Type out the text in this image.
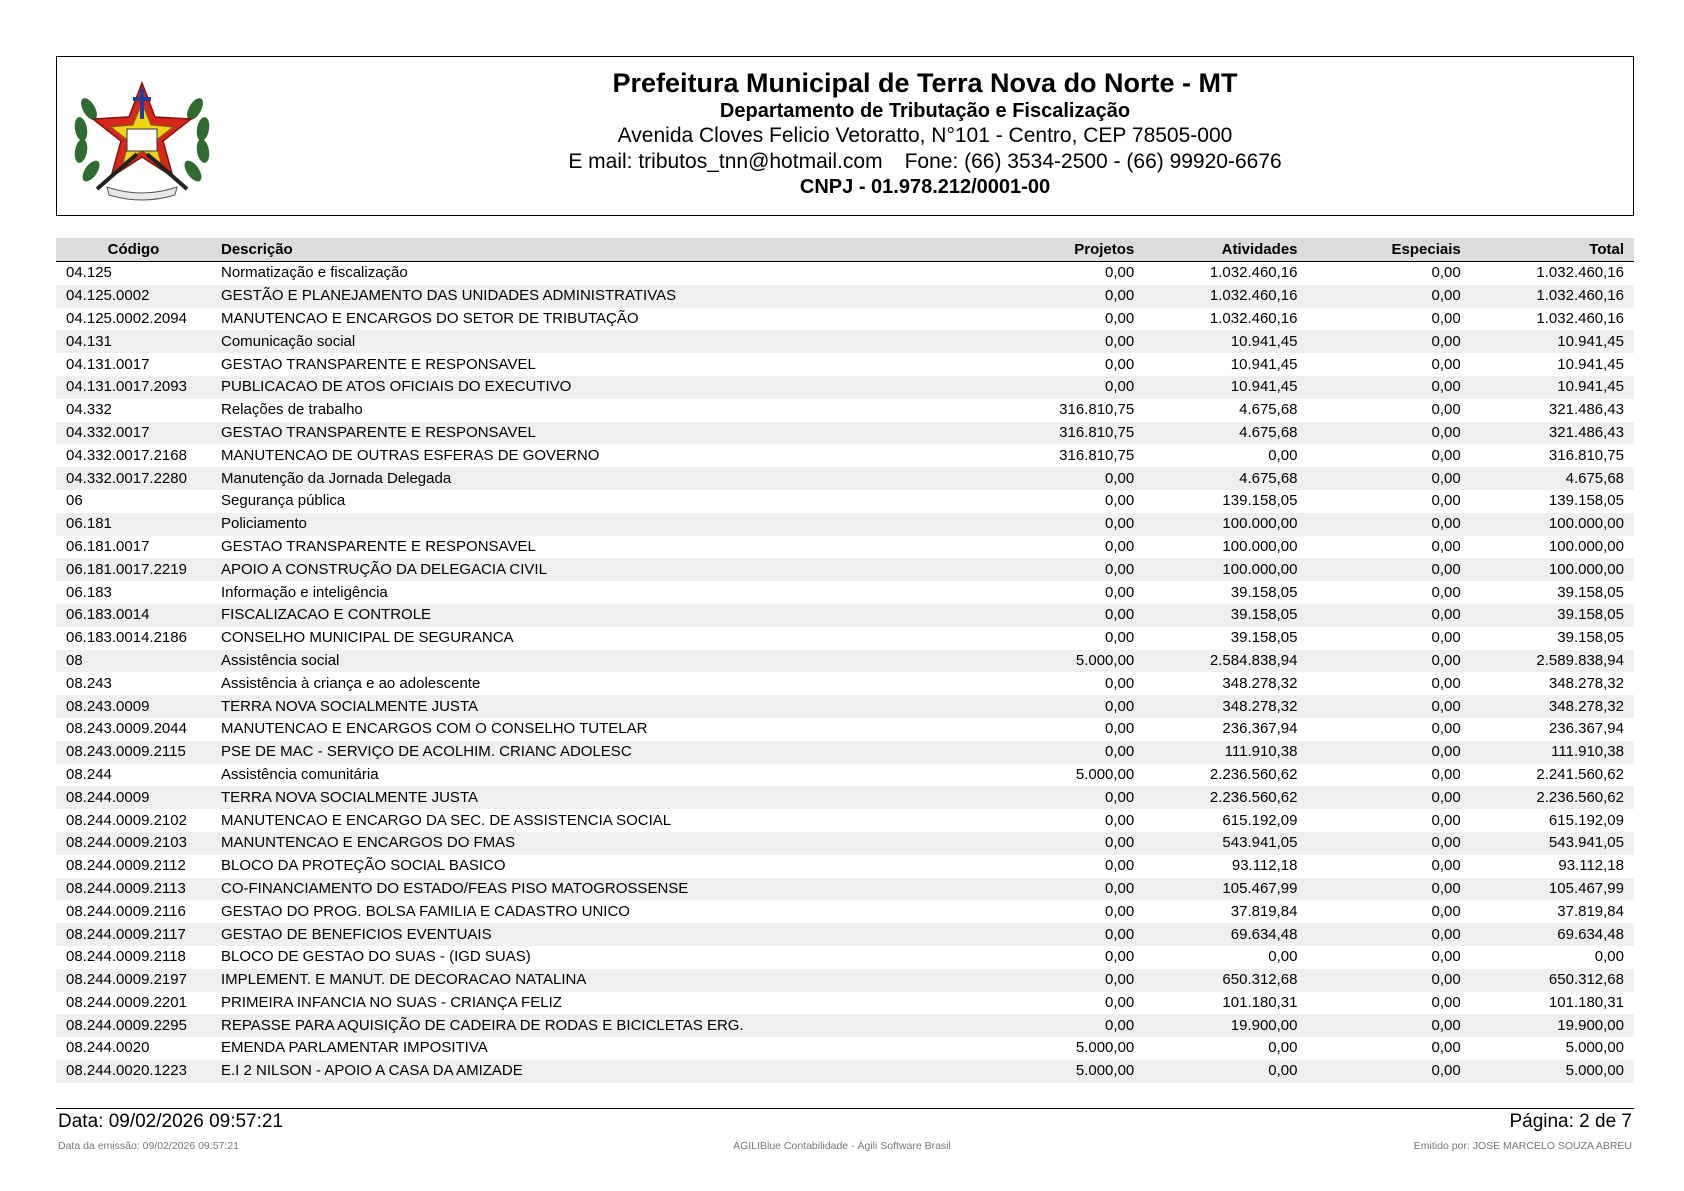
Prefeitura Municipal de Terra Nova do Norte - MT
Departamento de Tributação e Fiscalização
Avenida Cloves Felicio Vetoratto, N°101 - Centro, CEP 78505-000
E mail: tributos_tnn@hotmail.com Fone: (66) 3534-2500 - (66) 99920-6676
CNPJ - 01.978.212/0001-00
Código	Descrição	Projetos	Atividades	Especiais	Total
04.125	Normatização e fiscalização	0,00	1.032.460,16	0,00	1.032.460,16
04.125.0002	GESTÃO E PLANEJAMENTO DAS UNIDADES ADMINISTRATIVAS	0,00	1.032.460,16	0,00	1.032.460,16
04.125.0002.2094	MANUTENCAO E ENCARGOS DO SETOR DE TRIBUTAÇÃO	0,00	1.032.460,16	0,00	1.032.460,16
04.131	Comunicação social	0,00	10.941,45	0,00	10.941,45
04.131.0017	GESTAO TRANSPARENTE E RESPONSAVEL	0,00	10.941,45	0,00	10.941,45
04.131.0017.2093	PUBLICACAO DE ATOS OFICIAIS DO EXECUTIVO	0,00	10.941,45	0,00	10.941,45
04.332	Relações de trabalho	316.810,75	4.675,68	0,00	321.486,43
04.332.0017	GESTAO TRANSPARENTE E RESPONSAVEL	316.810,75	4.675,68	0,00	321.486,43
04.332.0017.2168	MANUTENCAO DE OUTRAS ESFERAS DE GOVERNO	316.810,75	0,00	0,00	316.810,75
04.332.0017.2280	Manutenção da Jornada Delegada	0,00	4.675,68	0,00	4.675,68
06	Segurança pública	0,00	139.158,05	0,00	139.158,05
06.181	Policiamento	0,00	100.000,00	0,00	100.000,00
06.181.0017	GESTAO TRANSPARENTE E RESPONSAVEL	0,00	100.000,00	0,00	100.000,00
06.181.0017.2219	APOIO A CONSTRUÇÃO DA DELEGACIA CIVIL	0,00	100.000,00	0,00	100.000,00
06.183	Informação e inteligência	0,00	39.158,05	0,00	39.158,05
06.183.0014	FISCALIZACAO E CONTROLE	0,00	39.158,05	0,00	39.158,05
06.183.0014.2186	CONSELHO MUNICIPAL DE SEGURANCA	0,00	39.158,05	0,00	39.158,05
08	Assistência social	5.000,00	2.584.838,94	0,00	2.589.838,94
08.243	Assistência à criança e ao adolescente	0,00	348.278,32	0,00	348.278,32
08.243.0009	TERRA NOVA SOCIALMENTE JUSTA	0,00	348.278,32	0,00	348.278,32
08.243.0009.2044	MANUTENCAO E ENCARGOS COM O CONSELHO TUTELAR	0,00	236.367,94	0,00	236.367,94
08.243.0009.2115	PSE DE MAC - SERVIÇO DE ACOLHIM. CRIANC ADOLESC	0,00	111.910,38	0,00	111.910,38
08.244	Assistência comunitária	5.000,00	2.236.560,62	0,00	2.241.560,62
08.244.0009	TERRA NOVA SOCIALMENTE JUSTA	0,00	2.236.560,62	0,00	2.236.560,62
08.244.0009.2102	MANUTENCAO E ENCARGO DA SEC. DE ASSISTENCIA SOCIAL	0,00	615.192,09	0,00	615.192,09
08.244.0009.2103	MANUNTENCAO E ENCARGOS DO FMAS	0,00	543.941,05	0,00	543.941,05
08.244.0009.2112	BLOCO DA PROTEÇÃO SOCIAL BASICO	0,00	93.112,18	0,00	93.112,18
08.244.0009.2113	CO-FINANCIAMENTO DO ESTADO/FEAS PISO MATOGROSSENSE	0,00	105.467,99	0,00	105.467,99
08.244.0009.2116	GESTAO DO PROG. BOLSA FAMILIA E CADASTRO UNICO	0,00	37.819,84	0,00	37.819,84
08.244.0009.2117	GESTAO DE BENEFICIOS EVENTUAIS	0,00	69.634,48	0,00	69.634,48
08.244.0009.2118	BLOCO DE GESTAO DO SUAS - (IGD SUAS)	0,00	0,00	0,00	0,00
08.244.0009.2197	IMPLEMENT. E MANUT. DE DECORACAO NATALINA	0,00	650.312,68	0,00	650.312,68
08.244.0009.2201	PRIMEIRA INFANCIA NO SUAS - CRIANÇA FELIZ	0,00	101.180,31	0,00	101.180,31
08.244.0009.2295	REPASSE PARA AQUISIÇÃO DE CADEIRA DE RODAS E BICICLETAS ERG.	0,00	19.900,00	0,00	19.900,00
08.244.0020	EMENDA PARLAMENTAR IMPOSITIVA	5.000,00	0,00	0,00	5.000,00
08.244.0020.1223	E.I 2 NILSON - APOIO A CASA DA AMIZADE	5.000,00	0,00	0,00	5.000,00
Data: 09/02/2026 09:57:21	Página: 2 de 7
Data da emissão: 09/02/2026 09:57:21	ÁGILIBlue Contabilidade - Ágili Software Brasil	Emitido por: JOSE MARCELO SOUZA ABREU
